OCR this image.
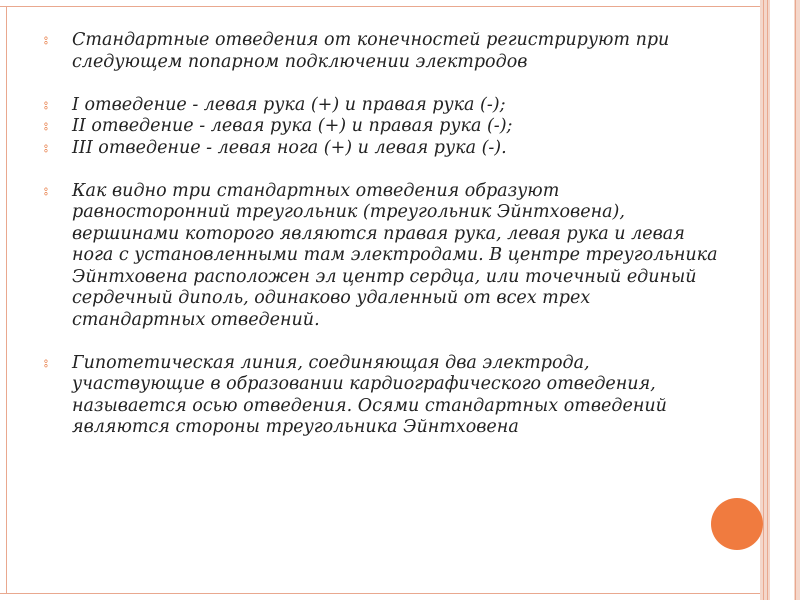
⦂ Стандартные отведения от конечностей регистрируют при следующем попарном подключении электродов
⦂ I отведение - левая рука (+) и правая рука (-);
⦂ II отведение - левая рука (+) и правая рука (-);
⦂ III отведение - левая нога (+) и левая рука (-).
⦂ Как видно три стандартных отведения образуют равносторонний треугольник (треугольник Эйнтховена), вершинами которого являются правая рука, левая рука и левая нога с установленными там электродами. В центре треугольника Эйнтховена расположен эл центр сердца, или точечный единый сердечный диполь, одинаково удаленный от всех трех стандартных отведений.
⦂ Гипотетическая линия, соединяющая два электрода, участвующие в образовании кардиографического отведения, называется осью отведения. Осями стандартных отведений являются стороны треугольника Эйнтховена
